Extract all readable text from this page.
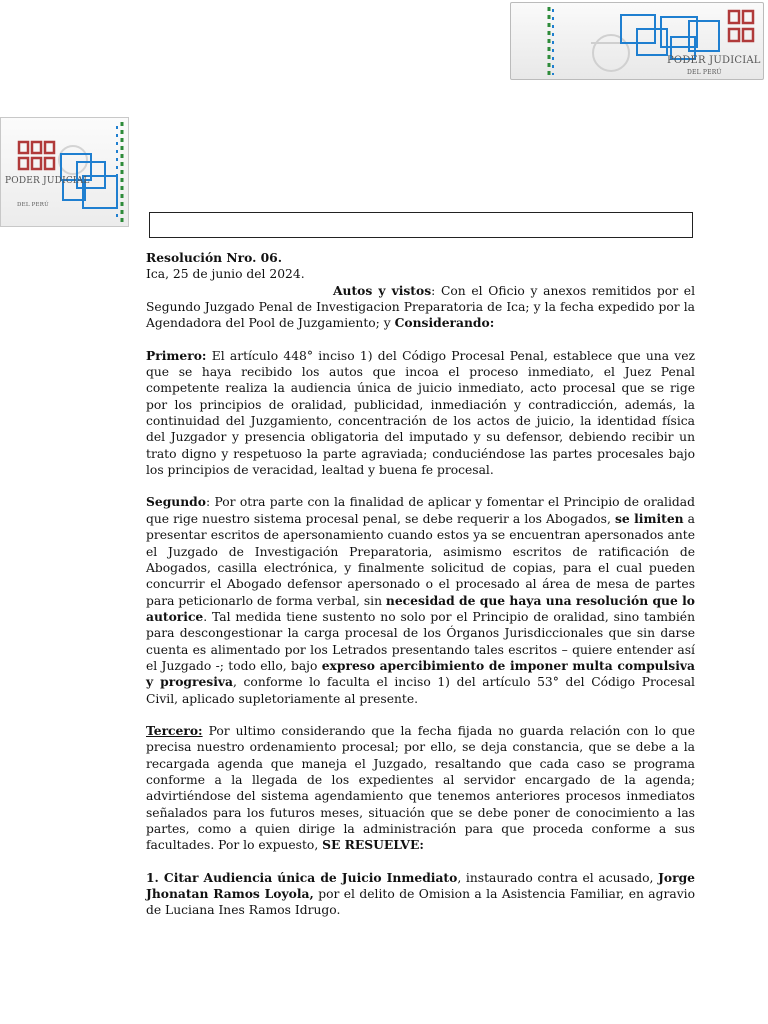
PODER JUDICIAL
DEL PERÚ
PODER JUDICIAL
DEL PERÚ

Resolución Nro. 06.

Ica, 25 de junio del 2024.

Autos y vistos: Con el Oficio y anexos remitidos por el Segundo Juzgado Penal de Investigacion Preparatoria de Ica; y la fecha expedido por la Agendadora del Pool de Juzgamiento; y Considerando:

Primero: El artículo 448° inciso 1) del Código Procesal Penal, establece que una vez que se haya recibido los autos que incoa el proceso inmediato, el Juez Penal competente realiza la audiencia única de juicio inmediato, acto procesal que se rige por los principios de oralidad, publicidad, inmediación y contradicción, además, la continuidad del Juzgamiento, concentración de los actos de juicio, la identidad física del Juzgador y presencia obligatoria del imputado y su defensor, debiendo recibir un trato digno y respetuoso la parte agraviada; conduciéndose las partes procesales bajo los principios de veracidad, lealtad y buena fe procesal.

Segundo: Por otra parte con la finalidad de aplicar y fomentar el Principio de oralidad que rige nuestro sistema procesal penal, se debe requerir a los Abogados, se limiten a presentar escritos de apersonamiento cuando estos ya se encuentran apersonados ante el Juzgado de Investigación Preparatoria, asimismo escritos de ratificación de Abogados, casilla electrónica, y finalmente solicitud de copias, para el cual pueden concurrir el Abogado defensor apersonado o el procesado al área de mesa de partes para peticionarlo de forma verbal, sin necesidad de que haya una resolución que lo autorice. Tal medida tiene sustento no solo por el Principio de oralidad, sino también para descongestionar la carga procesal de los Órganos Jurisdiccionales que sin darse cuenta es alimentado por los Letrados presentando tales escritos – quiere entender así el Juzgado -; todo ello, bajo expreso apercibimiento de imponer multa compulsiva y progresiva, conforme lo faculta el inciso 1) del artículo 53° del Código Procesal Civil, aplicado supletoriamente al presente.

Tercero: Por ultimo considerando que la fecha fijada no guarda relación con lo que precisa nuestro ordenamiento procesal; por ello, se deja constancia, que se debe a la recargada agenda que maneja el Juzgado, resaltando que cada caso se programa conforme a la llegada de los expedientes al servidor encargado de la agenda; advirtiéndose del sistema agendamiento que tenemos anteriores procesos inmediatos señalados para los futuros meses, situación que se debe poner de conocimiento a las partes, como a quien dirige la administración para que proceda conforme a sus facultades. Por lo expuesto, SE RESUELVE:

1. Citar Audiencia única de Juicio Inmediato, instaurado contra el acusado, Jorge Jhonatan Ramos Loyola, por el delito de Omision a la Asistencia Familiar, en agravio de Luciana Ines Ramos Idrugo.
